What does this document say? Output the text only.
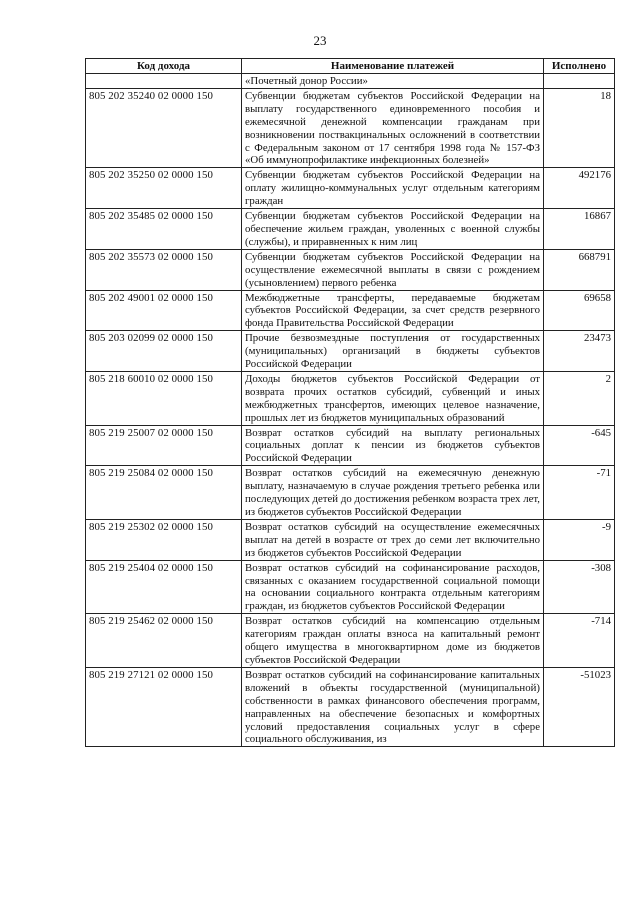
23
Код дохода	Наименование платежей	Исполнено
	«Почетный донор России»	
805 202 35240 02 0000 150	Субвенции бюджетам субъектов Российской Федерации на выплату государственного единовременного пособия и ежемесячной денежной компенсации гражданам при возникновении поствакцинальных осложнений в соответствии с Федеральным законом от 17 сентября 1998 года № 157-ФЗ «Об иммунопрофилактике инфекционных болезней»	18
805 202 35250 02 0000 150	Субвенции бюджетам субъектов Российской Федерации на оплату жилищно-коммунальных услуг отдельным категориям граждан	492176
805 202 35485 02 0000 150	Субвенции бюджетам субъектов Российской Федерации на обеспечение жильем граждан, уволенных с военной службы (службы), и приравненных к ним лиц	16867
805 202 35573 02 0000 150	Субвенции бюджетам субъектов Российской Федерации на осуществление ежемесячной выплаты в связи с рождением (усыновлением) первого ребенка	668791
805 202 49001 02 0000 150	Межбюджетные трансферты, передаваемые бюджетам субъектов Российской Федерации, за счет средств резервного фонда Правительства Российской Федерации	69658
805 203 02099 02 0000 150	Прочие безвозмездные поступления от государственных (муниципальных) организаций в бюджеты субъектов Российской Федерации	23473
805 218 60010 02 0000 150	Доходы бюджетов субъектов Российской Федерации от возврата прочих остатков субсидий, субвенций и иных межбюджетных трансфертов, имеющих целевое назначение, прошлых лет из бюджетов муниципальных образований	2
805 219 25007 02 0000 150	Возврат остатков субсидий на выплату региональных социальных доплат к пенсии из бюджетов субъектов Российской Федерации	-645
805 219 25084 02 0000 150	Возврат остатков субсидий на ежемесячную денежную выплату, назначаемую в случае рождения третьего ребенка или последующих детей до достижения ребенком возраста трех лет, из бюджетов субъектов Российской Федерации	-71
805 219 25302 02 0000 150	Возврат остатков субсидий на осуществление ежемесячных выплат на детей в возрасте от трех до семи лет включительно из бюджетов субъектов Российской Федерации	-9
805 219 25404 02 0000 150	Возврат остатков субсидий на софинансирование расходов, связанных с оказанием государственной социальной помощи на основании социального контракта отдельным категориям граждан, из бюджетов субъектов Российской Федерации	-308
805 219 25462 02 0000 150	Возврат остатков субсидий на компенсацию отдельным категориям граждан оплаты взноса на капитальный ремонт общего имущества в многоквартирном доме из бюджетов субъектов Российской Федерации	-714
805 219 27121 02 0000 150	Возврат остатков субсидий на софинансирование капитальных вложений в объекты государственной (муниципальной) собственности в рамках финансового обеспечения программ, направленных на обеспечение безопасных и комфортных условий предоставления социальных услуг в сфере социального обслуживания, из	-51023
